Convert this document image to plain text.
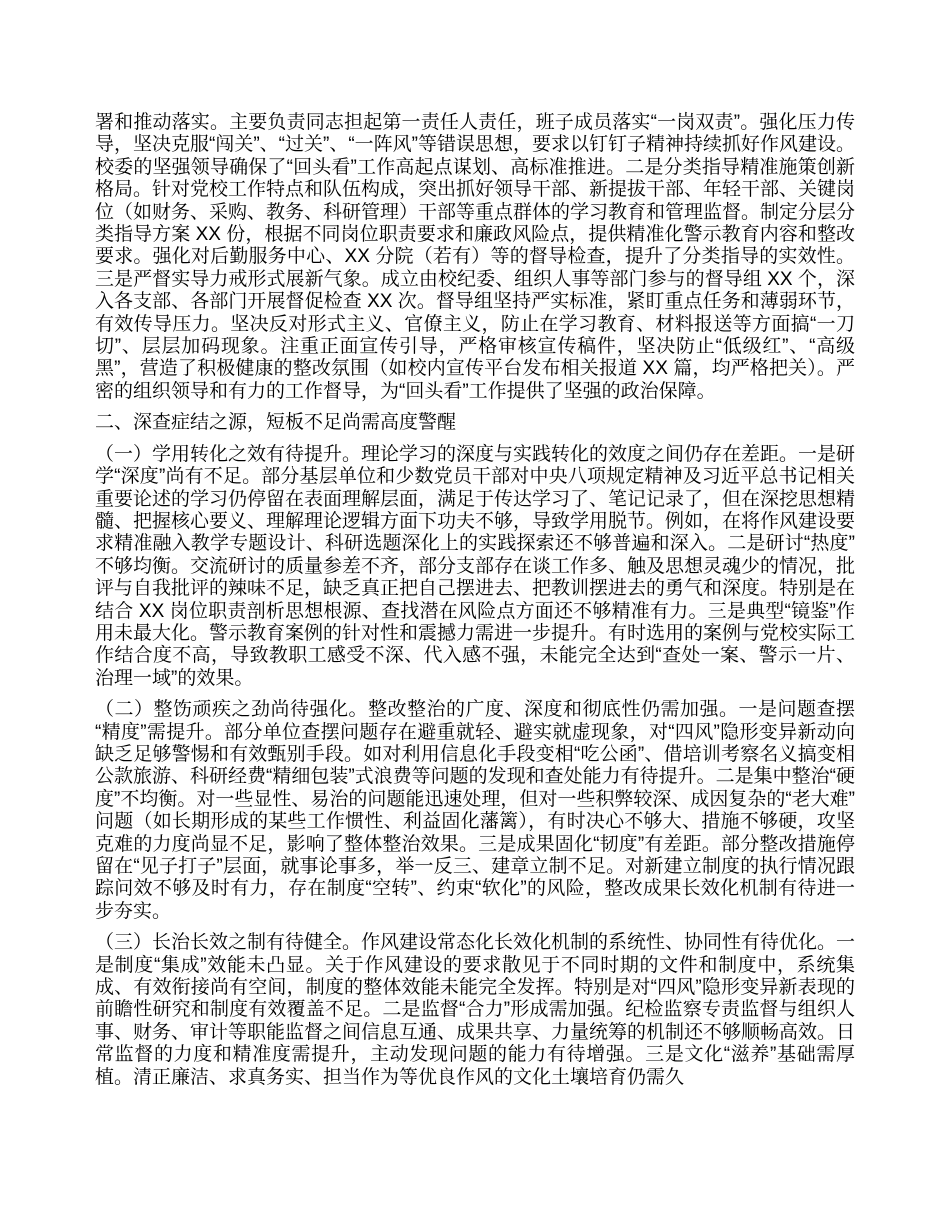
署和推动落实。主要负责同志担起第一责任人责任，班子成员落实“一岗双责”。强化压力传导，坚决克服“闯关”、“过关”、“一阵风”等错误思想，要求以钉钉子精神持续抓好作风建设。校委的坚强领导确保了“回头看”工作高起点谋划、高标准推进。二是分类指导精准施策创新格局。针对党校工作特点和队伍构成，突出抓好领导干部、新提拔干部、年轻干部、关键岗位（如财务、采购、教务、科研管理）干部等重点群体的学习教育和管理监督。制定分层分类指导方案 XX 份，根据不同岗位职责要求和廉政风险点，提供精准化警示教育内容和整改要求。强化对后勤服务中心、XX 分院（若有）等的督导检查，提升了分类指导的实效性。三是严督实导力戒形式展新气象。成立由校纪委、组织人事等部门参与的督导组 XX 个，深入各支部、各部门开展督促检查 XX 次。督导组坚持严实标准，紧盯重点任务和薄弱环节，有效传导压力。坚决反对形式主义、官僚主义，防止在学习教育、材料报送等方面搞“一刀切”、层层加码现象。注重正面宣传引导，严格审核宣传稿件，坚决防止“低级红”、“高级黑”，营造了积极健康的整改氛围（如校内宣传平台发布相关报道 XX 篇，均严格把关）。严密的组织领导和有力的工作督导，为“回头看”工作提供了坚强的政治保障。

二、深查症结之源，短板不足尚需高度警醒

（一）学用转化之效有待提升。理论学习的深度与实践转化的效度之间仍存在差距。一是研学“深度”尚有不足。部分基层单位和少数党员干部对中央八项规定精神及习近平总书记相关重要论述的学习仍停留在表面理解层面，满足于传达学习了、笔记记录了，但在深挖思想精髓、把握核心要义、理解理论逻辑方面下功夫不够，导致学用脱节。例如，在将作风建设要求精准融入教学专题设计、科研选题深化上的实践探索还不够普遍和深入。二是研讨“热度”不够均衡。交流研讨的质量参差不齐，部分支部存在谈工作多、触及思想灵魂少的情况，批评与自我批评的辣味不足，缺乏真正把自己摆进去、把教训摆进去的勇气和深度。特别是在结合 XX 岗位职责剖析思想根源、查找潜在风险点方面还不够精准有力。三是典型“镜鉴”作用未最大化。警示教育案例的针对性和震撼力需进一步提升。有时选用的案例与党校实际工作结合度不高，导致教职工感受不深、代入感不强，未能完全达到“查处一案、警示一片、治理一域”的效果。

（二）整饬顽疾之劲尚待强化。整改整治的广度、深度和彻底性仍需加强。一是问题查摆“精度”需提升。部分单位查摆问题存在避重就轻、避实就虚现象，对“四风”隐形变异新动向缺乏足够警惕和有效甄别手段。如对利用信息化手段变相“吃公函”、借培训考察名义搞变相公款旅游、科研经费“精细包装”式浪费等问题的发现和查处能力有待提升。二是集中整治“硬度”不均衡。对一些显性、易治的问题能迅速处理，但对一些积弊较深、成因复杂的“老大难”问题（如长期形成的某些工作惯性、利益固化藩篱），有时决心不够大、措施不够硬，攻坚克难的力度尚显不足，影响了整体整治效果。三是成果固化“韧度”有差距。部分整改措施停留在“见子打子”层面，就事论事多，举一反三、建章立制不足。对新建立制度的执行情况跟踪问效不够及时有力，存在制度“空转”、约束“软化”的风险，整改成果长效化机制有待进一步夯实。

（三）长治长效之制有待健全。作风建设常态化长效化机制的系统性、协同性有待优化。一是制度“集成”效能未凸显。关于作风建设的要求散见于不同时期的文件和制度中，系统集成、有效衔接尚有空间，制度的整体效能未能完全发挥。特别是对“四风”隐形变异新表现的前瞻性研究和制度有效覆盖不足。二是监督“合力”形成需加强。纪检监察专责监督与组织人事、财务、审计等职能监督之间信息互通、成果共享、力量统筹的机制还不够顺畅高效。日常监督的力度和精准度需提升，主动发现问题的能力有待增强。三是文化“滋养”基础需厚植。清正廉洁、求真务实、担当作为等优良作风的文化土壤培育仍需久
